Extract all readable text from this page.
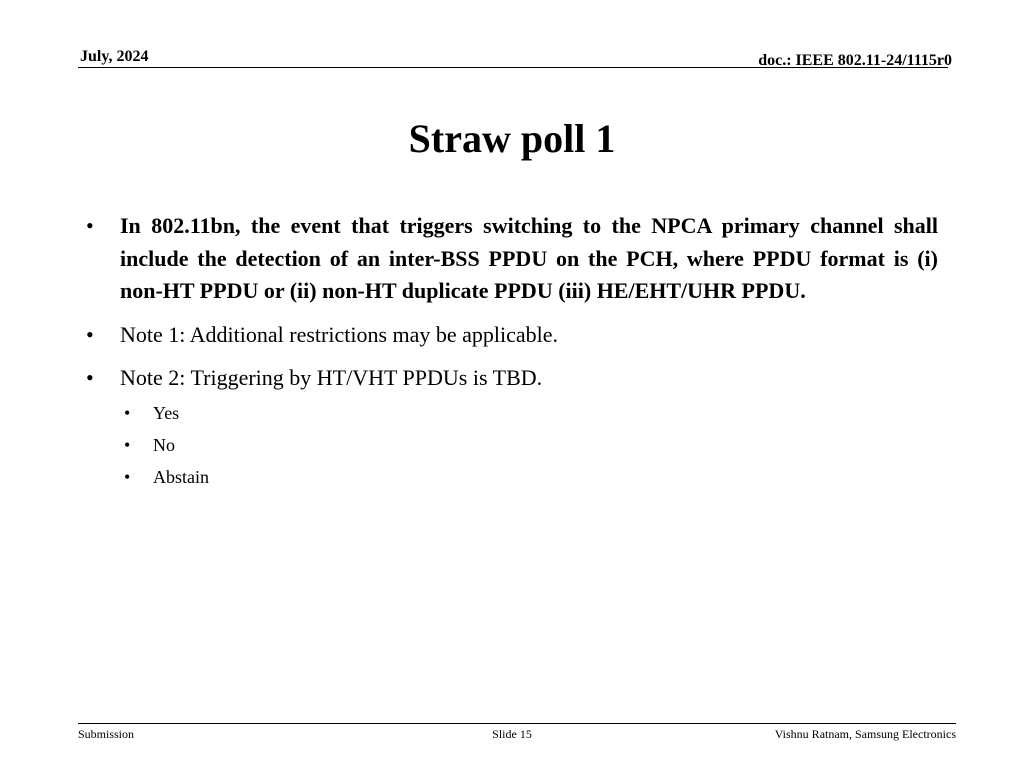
July, 2024	doc.: IEEE 802.11-24/1115r0
Straw poll 1
• In 802.11bn, the event that triggers switching to the NPCA primary channel shall include the detection of an inter-BSS PPDU on the PCH, where PPDU format is (i) non-HT PPDU or (ii) non-HT duplicate PPDU (iii) HE/EHT/UHR PPDU.
• Note 1: Additional restrictions may be applicable.
• Note 2: Triggering by HT/VHT PPDUs is TBD.
• Yes
• No
• Abstain
Submission	Slide 15	Vishnu Ratnam, Samsung Electronics
